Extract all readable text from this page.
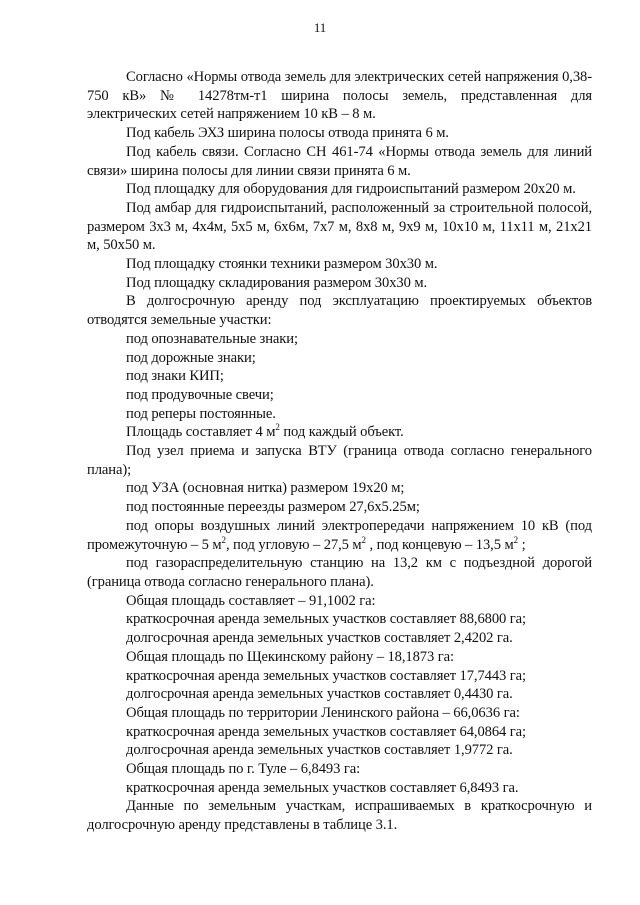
11

Согласно «Нормы отвода земель для электрических сетей напряжения 0,38-750 кВ» № 14278тм-т1 ширина полосы земель, представленная для электрических сетей напряжением 10 кВ – 8 м.

Под кабель ЭХЗ ширина полосы отвода принята 6 м.

Под кабель связи. Согласно СН 461-74 «Нормы отвода земель для линий связи» ширина полосы для линии связи принята 6 м.

Под площадку для оборудования для гидроиспытаний размером 20х20 м.

Под амбар для гидроиспытаний, расположенный за строительной полосой, размером 3х3 м, 4х4м, 5х5 м, 6х6м, 7х7 м, 8х8 м, 9х9 м, 10х10 м, 11х11 м, 21х21 м, 50х50 м.

Под площадку стоянки техники размером 30х30 м.

Под площадку складирования размером 30х30 м.

В долгосрочную аренду под эксплуатацию проектируемых объектов отводятся земельные участки:

под опознавательные знаки;

под дорожные знаки;

под знаки КИП;

под продувочные свечи;

под реперы постоянные.

Площадь составляет 4 $м^2$ под каждый объект.

Под узел приема и запуска ВТУ (граница отвода согласно генерального плана);

под УЗА (основная нитка) размером 19х20 м;

под постоянные переезды размером 27,6х5.25м;

под опоры воздушных линий электропередачи напряжением 10 кВ (под промежуточную – 5 $м^2$, под угловую – 27,5 $м^2$ , под концевую – 13,5 $м^2$ ;

под газораспределительную станцию на 13,2 км с подъездной дорогой (граница отвода согласно генерального плана).

Общая площадь составляет – 91,1002 га:

краткосрочная аренда земельных участков составляет 88,6800 га;

долгосрочная аренда земельных участков составляет 2,4202 га.

Общая площадь по Щекинскому району – 18,1873 га:

краткосрочная аренда земельных участков составляет 17,7443 га;

долгосрочная аренда земельных участков составляет 0,4430 га.

Общая площадь по территории Ленинского района – 66,0636 га:

краткосрочная аренда земельных участков составляет 64,0864 га;

долгосрочная аренда земельных участков составляет 1,9772 га.

Общая площадь по г. Туле – 6,8493 га:

краткосрочная аренда земельных участков составляет 6,8493 га.

Данные по земельным участкам, испрашиваемых в краткосрочную и долгосрочную аренду представлены в таблице 3.1.
